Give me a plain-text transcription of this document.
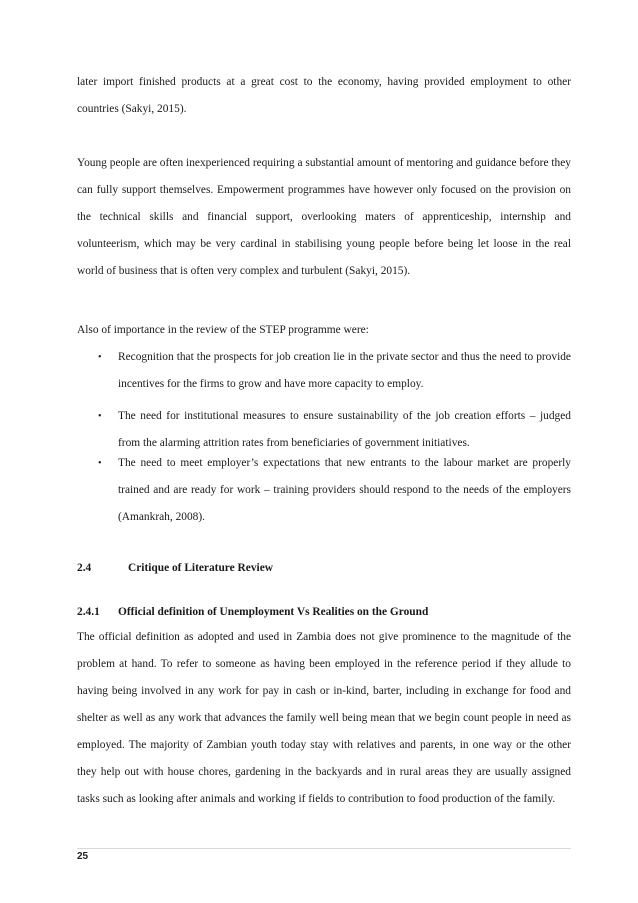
later import finished products at a great cost to the economy, having provided employment to other countries (Sakyi, 2015).

Young people are often inexperienced requiring a substantial amount of mentoring and guidance before they can fully support themselves. Empowerment programmes have however only focused on the provision on the technical skills and financial support, overlooking maters of apprenticeship, internship and volunteerism, which may be very cardinal in stabilising young people before being let loose in the real world of business that is often very complex and turbulent (Sakyi, 2015).

Also of importance in the review of the STEP programme were:

• Recognition that the prospects for job creation lie in the private sector and thus the need to provide incentives for the firms to grow and have more capacity to employ.
• The need for institutional measures to ensure sustainability of the job creation efforts – judged from the alarming attrition rates from beneficiaries of government initiatives.
• The need to meet employer’s expectations that new entrants to the labour market are properly trained and are ready for work – training providers should respond to the needs of the employers (Amankrah, 2008).
2.4	Critique of Literature Review
2.4.1 Official definition of Unemployment Vs Realities on the Ground

The official definition as adopted and used in Zambia does not give prominence to the magnitude of the problem at hand. To refer to someone as having been employed in the reference period if they allude to having being involved in any work for pay in cash or in-kind, barter, including in exchange for food and shelter as well as any work that advances the family well being mean that we begin count people in need as employed. The majority of Zambian youth today stay with relatives and parents, in one way or the other they help out with house chores, gardening in the backyards and in rural areas they are usually assigned tasks such as looking after animals and working if fields to contribution to food production of the family.

25
